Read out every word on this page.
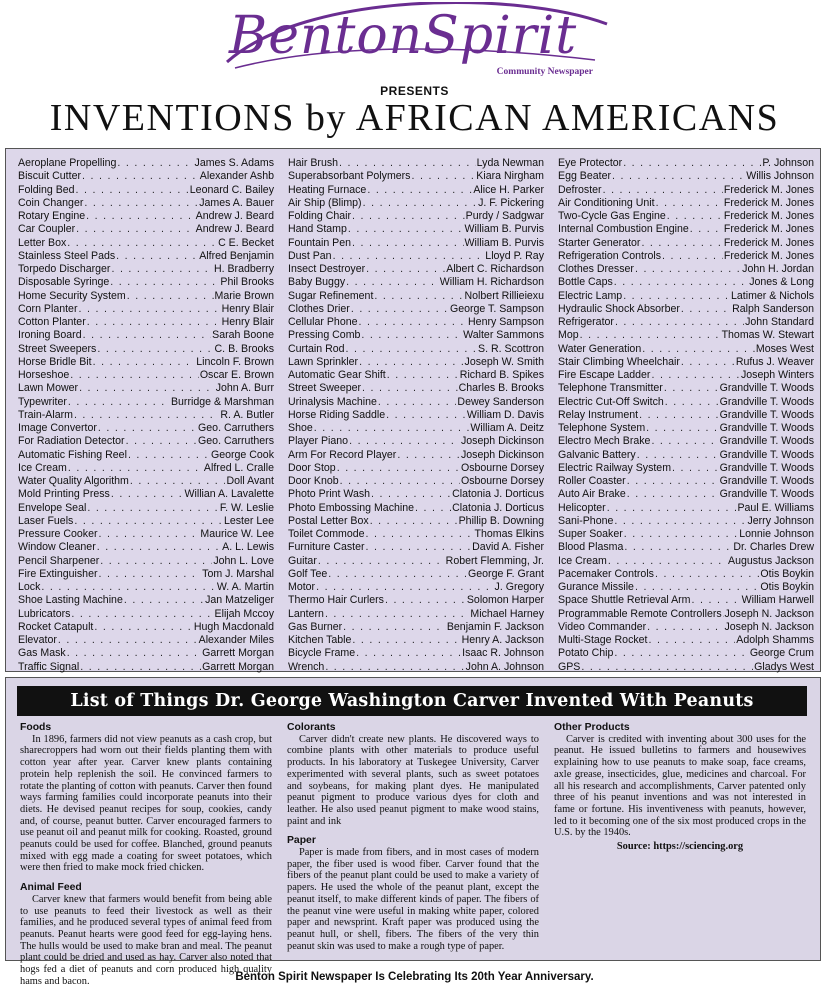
BentonSpirit
Community Newspaper
PRESENTS
INVENTIONS by AFRICAN AMERICANS
Aeroplane Propelling . . .	James S. Adams
Biscuit Cutter . . .	Alexander Ashb
Folding Bed . . .	Leonard C. Bailey
Coin Changer . . .	James A. Bauer
Rotary Engine . . .	Andrew J. Beard
Car Coupler . . .	Andrew J. Beard
Letter Box . . .	C E. Becket
Stainless Steel Pads . . .	Alfred Benjamin
Torpedo Discharger . . .	H. Bradberry
Disposable Syringe . . .	Phil Brooks
Home Security System . . .	Marie Brown
Corn Planter . . .	Henry Blair
Cotton Planter . . .	Henry Blair
Ironing Board . . .	Sarah Boone
Street Sweepers . . .	C. B. Brooks
Horse Bridle Bit . . .	Lincoln F. Brown
Horseshoe . . .	Oscar E. Brown
Lawn Mower . . .	John A. Burr
Typewriter . . .	Burridge & Marshman
Train-Alarm . . .	R. A. Butler
Image Convertor . . .	Geo. Carruthers
For Radiation Detector . . .	Geo. Carruthers
Automatic Fishing Reel . . .	George Cook
Ice Cream . . .	Alfred L. Cralle
Water Quality Algorithm . . .	Doll Avant
Mold Printing Press . . .	Willian A. Lavalette
Envelope Seal . . .	F. W. Leslie
Laser Fuels . . .	Lester Lee
Pressure Cooker . . .	Maurice W. Lee
Window Cleaner . . .	A. L. Lewis
Pencil Sharpener . . .	John L. Love
Fire Extinguisher . . .	Tom J. Marshal
Lock . . .	W. A. Martin
Shoe Lasting Machine . . .	Jan Matzeliger
Lubricators . . .	Elijah Mccoy
Rocket Catapult . . .	Hugh Macdonald
Elevator . . .	Alexander Miles
Gas Mask . . .	Garrett Morgan
Traffic Signal . . .	Garrett Morgan
Hair Brush . . .	Lyda Newman
Superabsorbant Polymers . . .	Kiara Nirgham
Heating Furnace . . .	Alice H. Parker
Air Ship (Blimp) . . .	J. F. Pickering
Folding Chair . . .	Purdy / Sadgwar
Hand Stamp . . .	William B. Purvis
Fountain Pen . . .	William B. Purvis
Dust Pan . . .	Lloyd P. Ray
Insect Destroyer . . .	Albert C. Richardson
Baby Buggy . . .	William H. Richardson
Sugar Refinement . . .	Nolbert Rillieiexu
Clothes Drier . . .	George T. Sampson
Cellular Phone . . .	Henry Sampson
Pressing Comb . . .	Walter Sammons
Curtain Rod . . .	S. R. Scottron
Lawn Sprinkler . . .	Joseph W. Smith
Automatic Gear Shift . . .	Richard B. Spikes
Street Sweeper . . .	Charles B. Brooks
Urinalysis Machine . . .	Dewey Sanderson
Horse Riding Saddle . . .	William D. Davis
Shoe . . .	William A. Deitz
Player Piano . . .	Joseph Dickinson
Arm For Record Player . . .	Joseph Dickinson
Door Stop . . .	Osbourne Dorsey
Door Knob . . .	Osbourne Dorsey
Photo Print Wash . . .	Clatonia J. Dorticus
Photo Embossing Machine . . .	Clatonia J. Dorticus
Postal Letter Box . . .	Phillip B. Downing
Toilet Commode . . .	Thomas Elkins
Furniture Caster . . .	David A. Fisher
Guitar . . .	Robert Flemming, Jr.
Golf Tee . . .	George F. Grant
Motor . . .	J. Gregory
Thermo Hair Curlers . . .	Solomon Harper
Lantern . . .	Michael Harney
Gas Burner . . .	Benjamin F. Jackson
Kitchen Table . . .	Henry A. Jackson
Bicycle Frame . . .	Isaac R. Johnson
Wrench . . .	John A. Johnson
Eye Protector . . .	P. Johnson
Egg Beater . . .	Willis Johnson
Defroster . . .	Frederick M. Jones
Air Conditioning Unit . . .	Frederick M. Jones
Two-Cycle Gas Engine . . .	Frederick M. Jones
Internal Combustion Engine . . .	Frederick M. Jones
Starter Generator . . .	Frederick M. Jones
Refrigeration Controls . . .	Frederick M. Jones
Clothes Dresser . . .	John H. Jordan
Bottle Caps . . .	Jones & Long
Electric Lamp . . .	Latimer & Nichols
Hydraulic Shock Absorber . . .	Ralph Sanderson
Refrigerator . . .	John Standard
Mop . . .	Thomas W. Stewart
Water Generation . . .	Moses West
Stair Climbing Wheelchair . . .	Rufus J. Weaver
Fire Escape Ladder . . .	Joseph Winters
Telephone Transmitter . . .	Grandville T. Woods
Electric Cut-Off Switch . . .	Grandville T. Woods
Relay Instrument . . .	Grandville T. Woods
Telephone System . . .	Grandville T. Woods
Electro Mech Brake . . .	Grandville T. Woods
Galvanic Battery . . .	Grandville T. Woods
Electric Railway System . . .	Grandville T. Woods
Roller Coaster . . .	Grandville T. Woods
Auto Air Brake . . .	Grandville T. Woods
Helicopter . . .	Paul E. Williams
Sani-Phone . . .	Jerry Johnson
Super Soaker . . .	Lonnie Johnson
Blood Plasma . . .	Dr. Charles Drew
Ice Cream . . .	Augustus Jackson
Pacemaker Controls . . .	Otis Boykin
Gurance Missile . . .	Otis Boykin
Space Shuttle Retrieval Arm . . .	William Harwell
Programmable Remote Controllers . . . Joseph N. Jackson
Video Commander . . .	Joseph N. Jackson
Multi-Stage Rocket . . .	Adolph Shamms
Potato Chip . . .	George Crum
GPS . . .	Gladys West
List of Things Dr. George Washington Carver Invented With Peanuts
Foods

In 1896, farmers did not view peanuts as a cash crop, but sharecroppers had worn out their fields planting them with cotton year after year. Carver knew plants containing protein help replenish the soil. He convinced farmers to rotate the planting of cotton with peanuts. Carver then found ways farming families could incorporate peanuts into their diets. He devised peanut recipes for soup, cookies, candy and, of course, peanut butter. Carver encouraged farmers to use peanut oil and peanut milk for cooking. Roasted, ground peanuts could be used for coffee. Blanched, ground peanuts mixed with egg made a coating for sweet potatoes, which were then fried to make mock fried chicken.

Animal Feed

Carver knew that farmers would benefit from being able to use peanuts to feed their livestock as well as their families, and he produced several types of animal feed from peanuts. Peanut hearts were good feed for egg-laying hens. The hulls would be used to make bran and meal. The peanut plant could be dried and used as hay. Carver also noted that hogs fed a diet of peanuts and corn produced high quality hams and bacon.

Colorants

Carver didn't create new plants. He discovered ways to combine plants with other materials to produce useful products. In his laboratory at Tuskegee University, Carver experimented with several plants, such as sweet potatoes and soybeans, for making plant dyes. He manipulated peanut pigment to produce various dyes for cloth and leather. He also used peanut pigment to make wood stains, paint and ink

Paper

Paper is made from fibers, and in most cases of modern paper, the fiber used is wood fiber. Carver found that the fibers of the peanut plant could be used to make a variety of papers. He used the whole of the peanut plant, except the peanut itself, to make different kinds of paper. The fibers of the peanut vine were useful in making white paper, colored paper and newsprint. Kraft paper was produced using the peanut hull, or shell, fibers. The fibers of the very thin peanut skin was used to make a rough type of paper.

Other Products

Carver is credited with inventing about 300 uses for the peanut. He issued bulletins to farmers and housewives explaining how to use peanuts to make soap, face creams, axle grease, insecticides, glue, medicines and charcoal. For all his research and accomplishments, Carver patented only three of his peanut inventions and was not interested in fame or fortune. His inventiveness with peanuts, however, led to it becoming one of the six most produced crops in the U.S. by the 1940s.

Source: https://sciencing.org
Benton Spirit Newspaper Is Celebrating Its 20th Year Anniversary.
